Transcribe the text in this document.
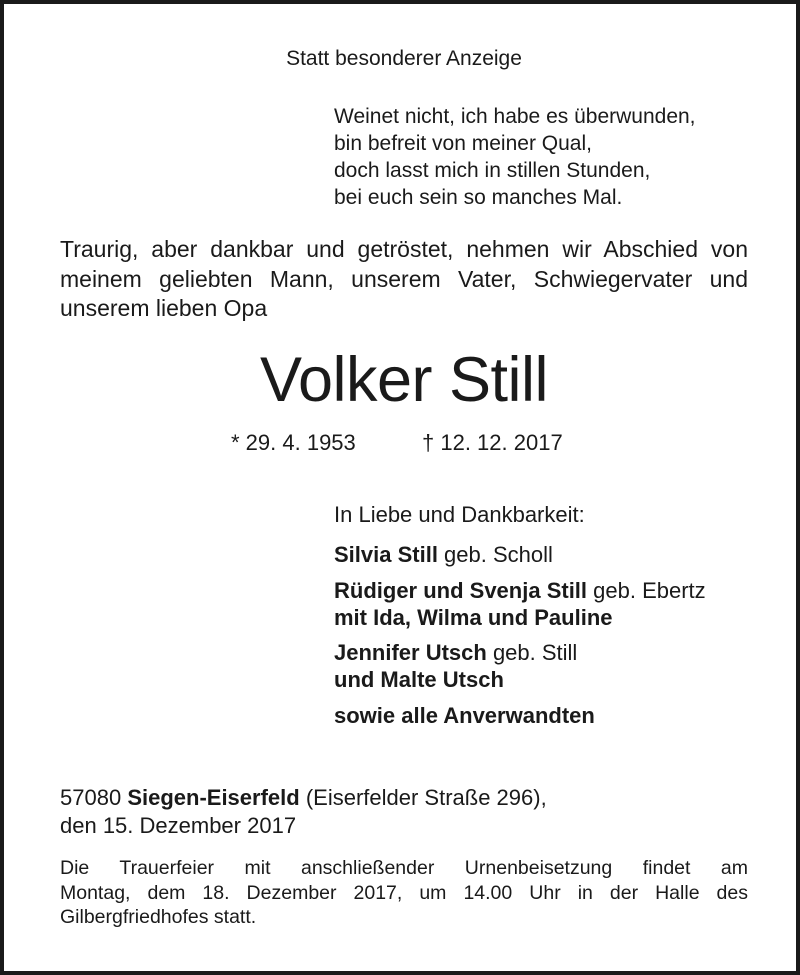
Statt besonderer Anzeige
Weinet nicht, ich habe es überwunden,
bin befreit von meiner Qual,
doch lasst mich in stillen Stunden,
bei euch sein so manches Mal.
Traurig, aber dankbar und getröstet, nehmen wir Abschied von
meinem geliebten Mann, unserem Vater, Schwiegervater und
unserem lieben Opa
Volker Still
* 29. 4. 1953	† 12. 12. 2017
In Liebe und Dankbarkeit:
Silvia Still geb. Scholl
Rüdiger und Svenja Still geb. Ebertz
mit Ida, Wilma und Pauline
Jennifer Utsch geb. Still
und Malte Utsch
sowie alle Anverwandten
57080 Siegen-Eiserfeld (Eiserfelder Straße 296),
den 15. Dezember 2017
Die Trauerfeier mit anschließender Urnenbeisetzung findet am
Montag, dem 18. Dezember 2017, um 14.00 Uhr in der Halle des
Gilbergfriedhofes statt.
